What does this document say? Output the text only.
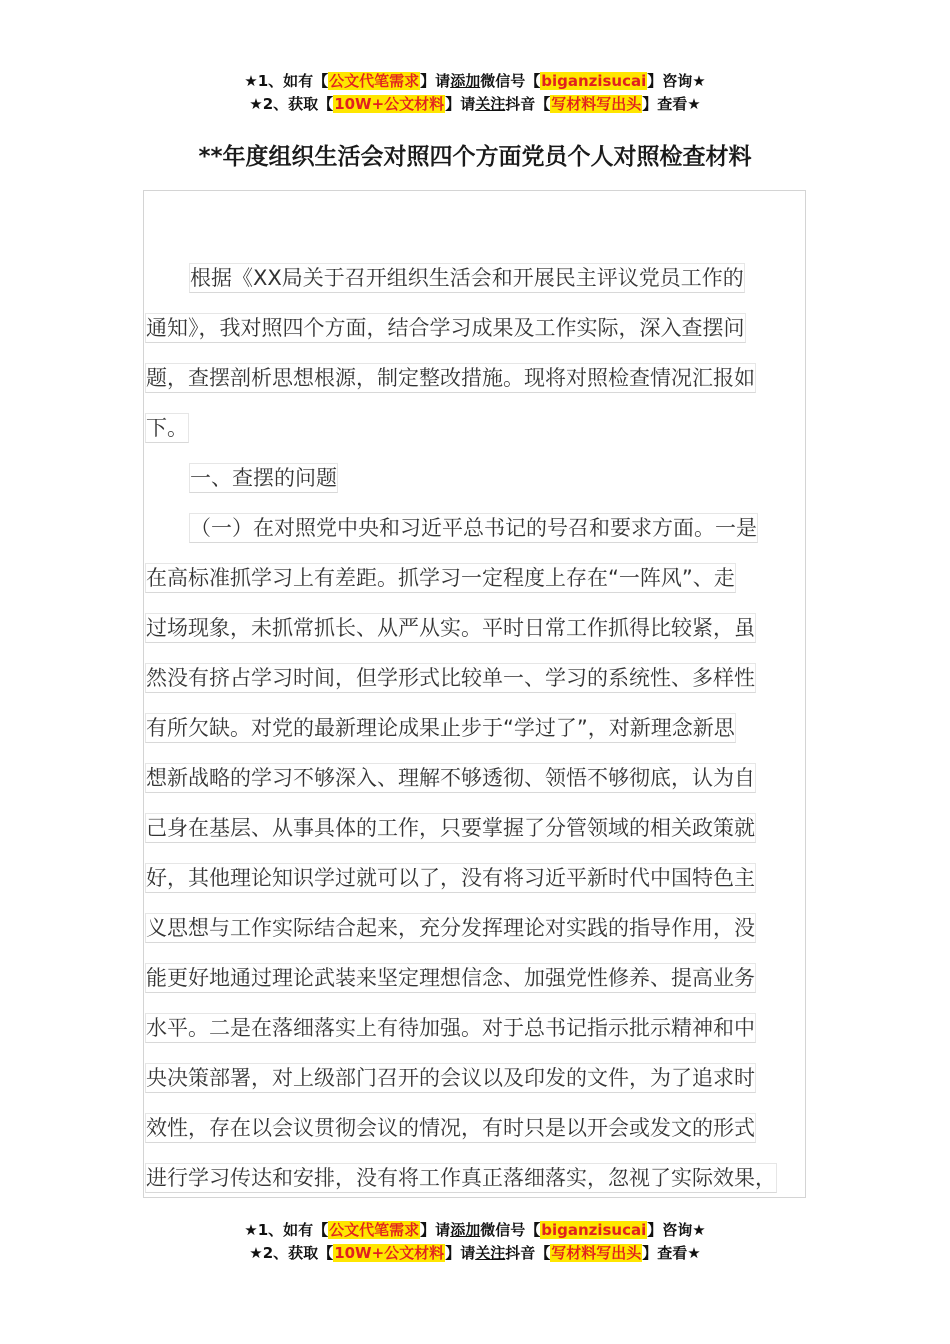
★1、如有【公文代笔需求】请添加微信号【biganzisucai】咨询★
★2、获取【10W+公文材料】请关注抖音【写材料写出头】查看★
**年度组织生活会对照四个方面党员个人对照检查材料
根据《XX局关于召开组织生活会和开展民主评议党员工作的
通知》，我对照四个方面，结合学习成果及工作实际，深入查摆问
题，查摆剖析思想根源，制定整改措施。现将对照检查情况汇报如
下。
一、查摆的问题
（一）在对照党中央和习近平总书记的号召和要求方面。一是
在高标准抓学习上有差距。抓学习一定程度上存在“一阵风”、走
过场现象，未抓常抓长、从严从实。平时日常工作抓得比较紧，虽
然没有挤占学习时间，但学形式比较单一、学习的系统性、多样性
有所欠缺。对党的最新理论成果止步于“学过了”，对新理念新思
想新战略的学习不够深入、理解不够透彻、领悟不够彻底，认为自
己身在基层、从事具体的工作，只要掌握了分管领域的相关政策就
好，其他理论知识学过就可以了，没有将习近平新时代中国特色主
义思想与工作实际结合起来，充分发挥理论对实践的指导作用，没
能更好地通过理论武装来坚定理想信念、加强党性修养、提高业务
水平。二是在落细落实上有待加强。对于总书记指示批示精神和中
央决策部署，对上级部门召开的会议以及印发的文件，为了追求时
效性，存在以会议贯彻会议的情况，有时只是以开会或发文的形式
进行学习传达和安排，没有将工作真正落细落实，忽视了实际效果，
★1、如有【公文代笔需求】请添加微信号【biganzisucai】咨询★
★2、获取【10W+公文材料】请关注抖音【写材料写出头】查看★
